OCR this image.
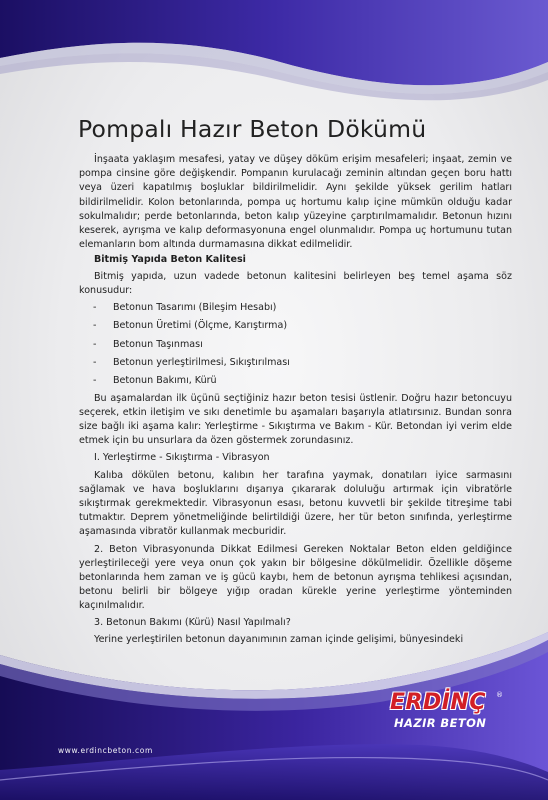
Pompalı Hazır Beton Dökümü

İnşaata yaklaşım mesafesi, yatay ve düşey döküm erişim mesafeleri; inşaat, zemin ve pompa cinsine göre değişkendir. Pompanın kurulacağı zeminin altından geçen boru hattı veya üzeri kapatılmış boşluklar bildirilmelidir. Aynı şekilde yüksek gerilim hatları bildirilmelidir. Kolon betonlarında, pompa uç hortumu kalıp içine mümkün olduğu kadar sokulmalıdır; perde betonlarında, beton kalıp yüzeyine çarptırılmamalıdır. Betonun hızını keserek, ayrışma ve kalıp deformasyonuna engel olunmalıdır. Pompa uç hortumunu tutan elemanların bom altında durmamasına dikkat edilmelidir.

Bitmiş Yapıda Beton Kalitesi

Bitmiş yapıda, uzun vadede betonun kalitesini belirleyen beş temel aşama söz konusudur:

- Betonun Tasarımı (Bileşim Hesabı)
- Betonun Üretimi (Ölçme, Karıştırma)
- Betonun Taşınması
- Betonun yerleştirilmesi, Sıkıştırılması
- Betonun Bakımı, Kürü

Bu aşamalardan ilk üçünü seçtiğiniz hazır beton tesisi üstlenir. Doğru hazır betoncuyu seçerek, etkin iletişim ve sıkı denetimle bu aşamaları başarıyla atlatırsınız. Bundan sonra size bağlı iki aşama kalır: Yerleştirme - Sıkıştırma ve Bakım - Kür. Betondan iyi verim elde etmek için bu unsurlara da özen göstermek zorundasınız.

I. Yerleştirme - Sıkıştırma - Vibrasyon

Kalıba dökülen betonu, kalıbın her tarafına yaymak, donatıları iyice sarmasını sağlamak ve hava boşluklarını dışarıya çıkararak doluluğu artırmak için vibratörle sıkıştırmak gerekmektedir. Vibrasyonun esası, betonu kuvvetli bir şekilde titreşime tabi tutmaktır. Deprem yönetmeliğinde belirtildiği üzere, her tür beton sınıfında, yerleştirme aşamasında vibratör kullanmak mecburidir.

2. Beton Vibrasyonunda Dikkat Edilmesi Gereken Noktalar Beton elden geldiğince yerleştirileceği yere veya onun çok yakın bir bölgesine dökülmelidir. Özellikle döşeme betonlarında hem zaman ve iş gücü kaybı, hem de betonun ayrışma tehlikesi açısından, betonu belirli bir bölgeye yığıp oradan kürekle yerine yerleştirme yönteminden kaçınılmalıdır.

3. Betonun Bakımı (Kürü) Nasıl Yapılmalı?

Yerine yerleştirilen betonun dayanımının zaman içinde gelişimi, bünyesindeki

ERDİNÇ ®
HAZIR BETON
www.erdincbeton.com
